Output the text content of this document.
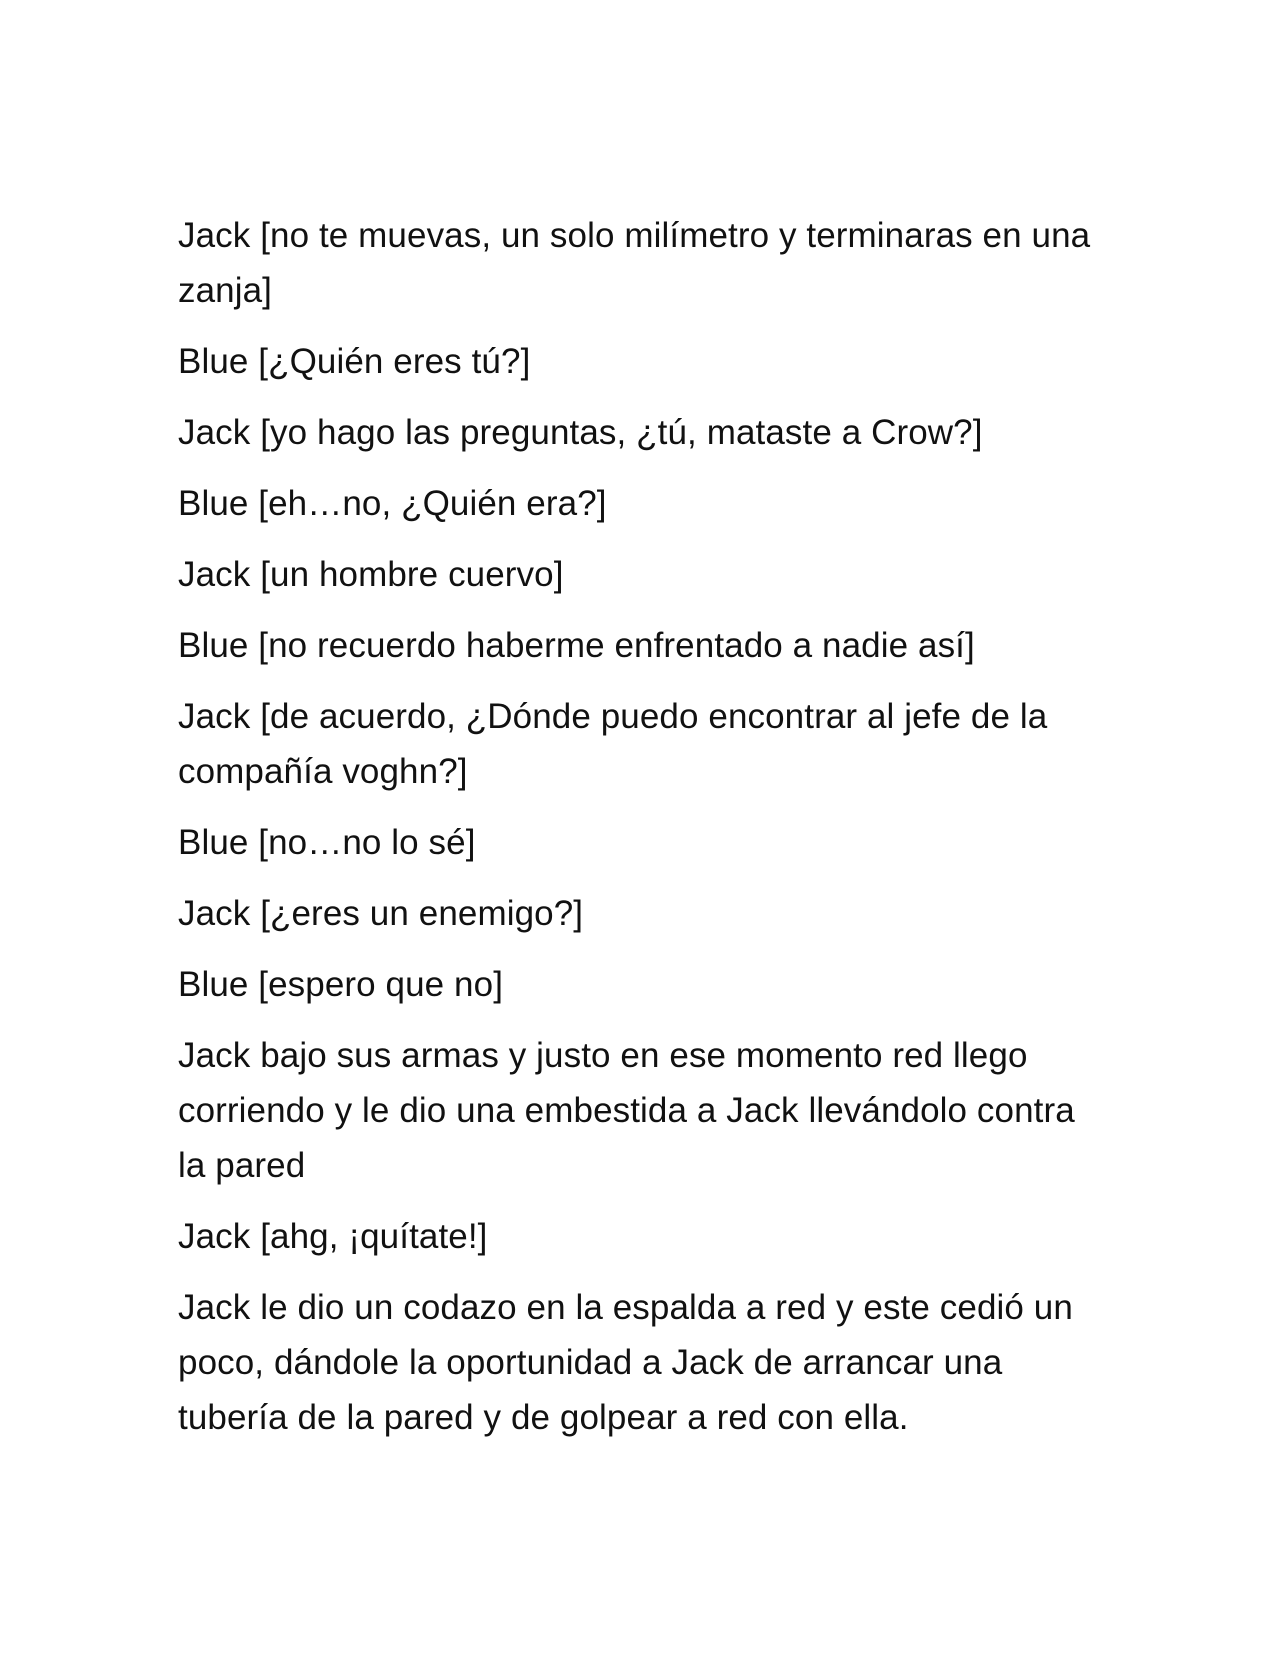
Jack [no te muevas, un solo milímetro y terminaras en una zanja]

Blue [¿Quién eres tú?]

Jack [yo hago las preguntas, ¿tú, mataste a Crow?]

Blue [eh…no, ¿Quién era?]

Jack [un hombre cuervo]

Blue [no recuerdo haberme enfrentado a nadie así]

Jack [de acuerdo, ¿Dónde puedo encontrar al jefe de la compañía voghn?]

Blue [no…no lo sé]

Jack [¿eres un enemigo?]

Blue [espero que no]

Jack bajo sus armas y justo en ese momento red llego corriendo y le dio una embestida a Jack llevándolo contra la pared

Jack [ahg, ¡quítate!]

Jack le dio un codazo en la espalda a red y este cedió un poco, dándole la oportunidad a Jack de arrancar una tubería de la pared y de golpear a red con ella.
